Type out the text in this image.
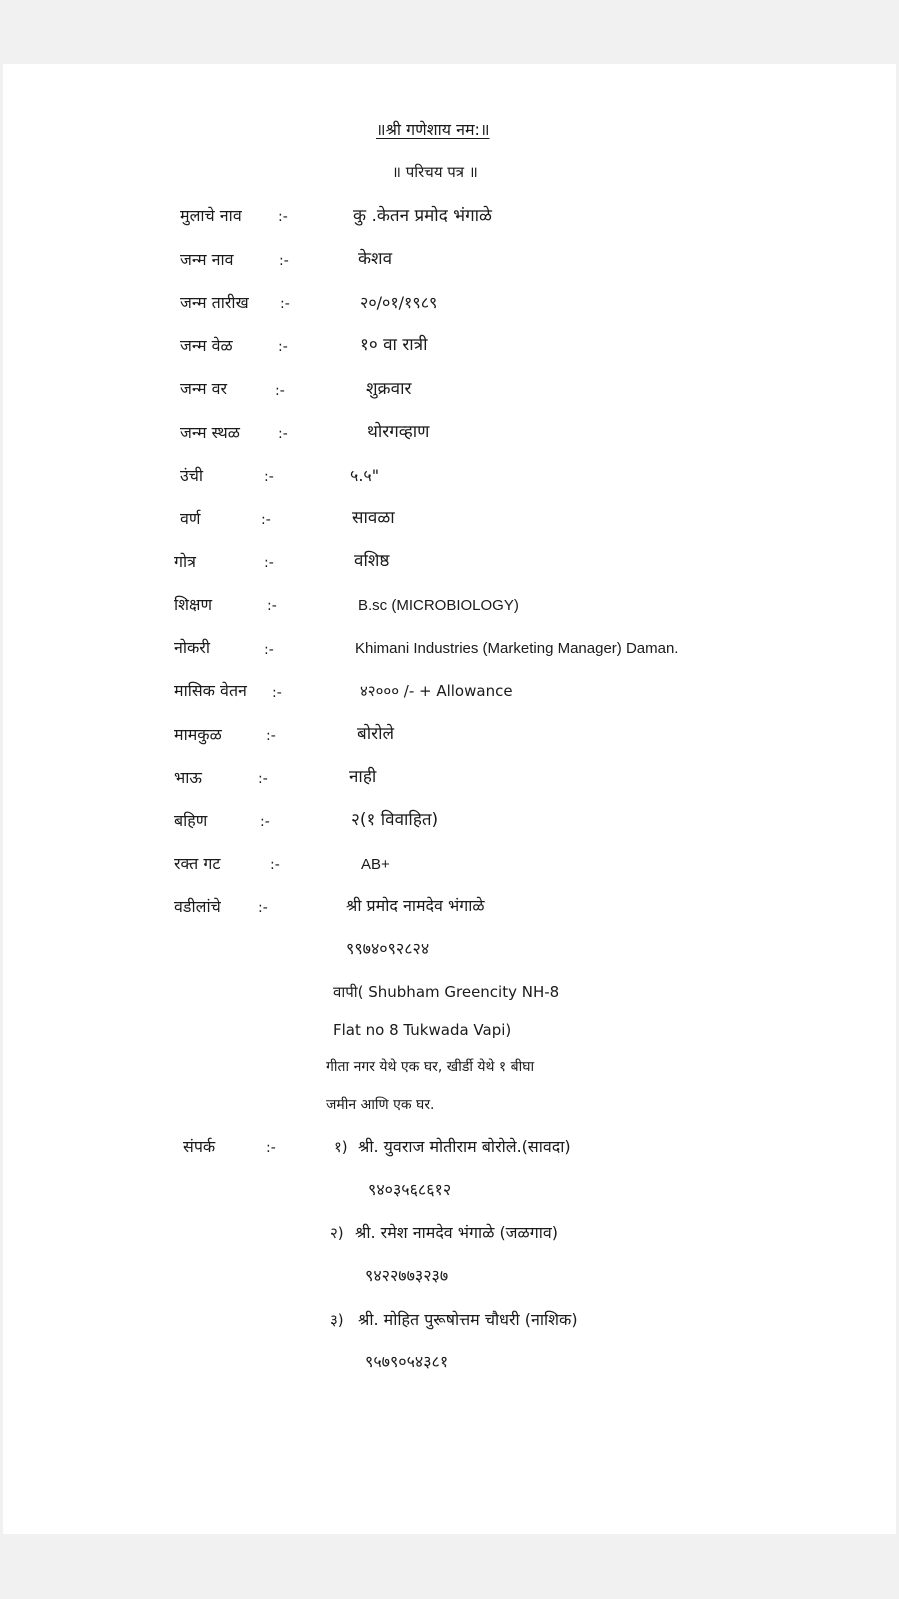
॥श्री गणेशाय नम:॥
॥ परिचय पत्र ॥
मुलाचे नाव	:-	कु .केतन प्रमोद भंगाळे
जन्म नाव	:-	केशव
जन्म तारीख :-	२०/०१/१९८९
जन्म वेळ	:-	१० वा रात्री
जन्म वर	:-	शुक्रवार
जन्म स्थळ	:-	थोरगव्हाण
उंची	:-	५.५"
वर्ण	:-	सावळा
गोत्र	:-	वशिष्ठ
शिक्षण	:-	B.sc (MICROBIOLOGY)
नोकरी	:-	Khimani Industries (Marketing Manager) Daman.
मासिक वेतन :-	४२००० /- + Allowance
मामकुळ	:-	बोरोले
भाऊ	:-	नाही
बहिण	:-	२(१ विवाहित)
रक्त गट	:-	AB+
वडीलांचे	:-	श्री प्रमोद नामदेव भंगाळे
९९७४०९२८२४
वापी( Shubham Greencity NH-8
Flat no 8 Tukwada Vapi)
गीता नगर येथे एक घर, खीर्डी येथे १ बीघा
जमीन आणि एक घर.
संपर्क	:-	१) श्री. युवराज मोतीराम बोरोले.(सावदा)
९४०३५६८६१२
२) श्री. रमेश नामदेव भंगाळे (जळगाव)
९४२२७७३२३७
३) श्री. मोहित पुरूषोत्तम चौधरी (नाशिक)
९५७९०५४३८१
